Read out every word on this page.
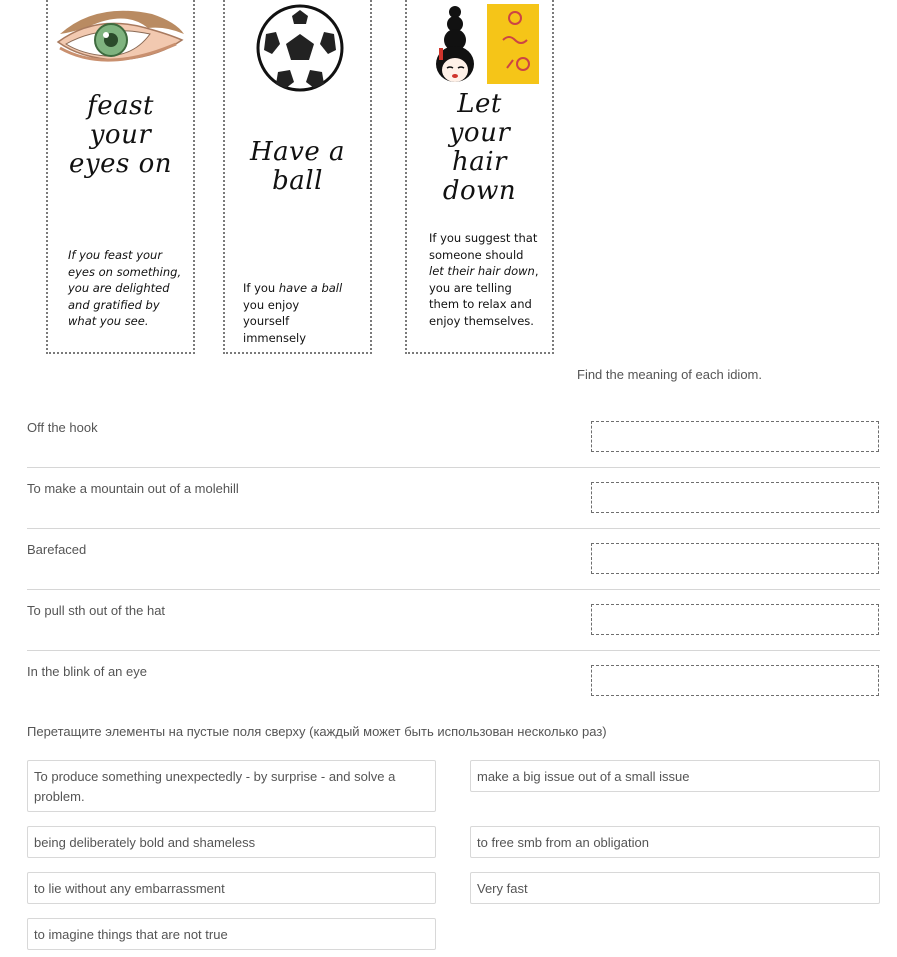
feast
your
eyes on
If you feast your eyes on something, you are delighted and gratified by what you see.
Have a
ball
If you have a ball you enjoy yourself immensely
Let
your
hair
down
If you suggest that someone should let their hair down, you are telling them to relax and enjoy themselves.
Find the meaning of each idiom.
Off the hook
To make a mountain out of a molehill
Barefaced
To pull sth out of the hat
In the blink of an eye
Перетащите элементы на пустые поля сверху (каждый может быть использован несколько раз)
To produce something unexpectedly - by surprise - and solve a problem.
make a big issue out of a small issue
being deliberately bold and shameless	to free smb from an obligation
to lie without any embarrassment	Very fast
to imagine things that are not true
